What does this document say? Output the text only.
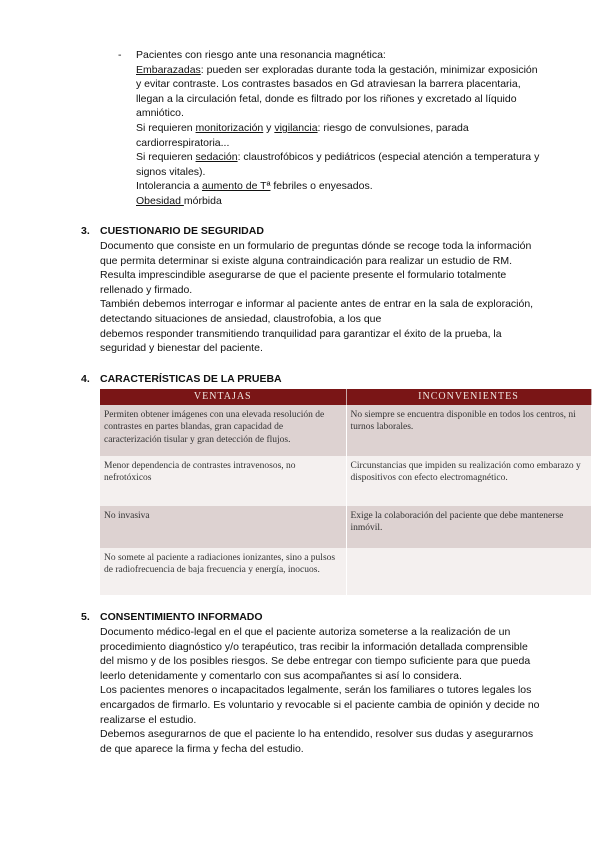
- Pacientes con riesgo ante una resonancia magnética:
Embarazadas: pueden ser exploradas durante toda la gestación, minimizar exposición y evitar contraste. Los contrastes basados en Gd atraviesan la barrera placentaria, llegan a la circulación fetal, donde es filtrado por los riñones y excretado al líquido amniótico.
Si requieren monitorización y vigilancia: riesgo de convulsiones, parada cardiorrespiratoria...
Si requieren sedación: claustrofóbicos y pediátricos (especial atención a temperatura y signos vitales).
Intolerancia a aumento de Tª febriles o enyesados.
Obesidad mórbida
3. CUESTIONARIO DE SEGURIDAD
Documento que consiste en un formulario de preguntas dónde se recoge toda la información que permita determinar si existe alguna contraindicación para realizar un estudio de RM. Resulta imprescindible asegurarse de que el paciente presente el formulario totalmente rellenado y firmado.
También debemos interrogar e informar al paciente antes de entrar en la sala de exploración, detectando situaciones de ansiedad, claustrofobia, a los que
debemos responder transmitiendo tranquilidad para garantizar el éxito de la prueba, la seguridad y bienestar del paciente.
4. CARACTERÍSTICAS DE LA PRUEBA
VENTAJAS	INCONVENIENTES
Permiten obtener imágenes con una elevada resolución de contrastes en partes blandas, gran capacidad de caracterización tisular y gran detección de flujos.	No siempre se encuentra disponible en todos los centros, ni turnos laborales.
Menor dependencia de contrastes intravenosos, no nefrotóxicos	Circunstancias que impiden su realización como embarazo y dispositivos con efecto electromagnético.
No invasiva	Exige la colaboración del paciente que debe mantenerse inmóvil.
No somete al paciente a radiaciones ionizantes, sino a pulsos de radiofrecuencia de baja frecuencia y energía, inocuos.	
5. CONSENTIMIENTO INFORMADO
Documento médico-legal en el que el paciente autoriza someterse a la realización de un procedimiento diagnóstico y/o terapéutico, tras recibir la información detallada comprensible del mismo y de los posibles riesgos. Se debe entregar con tiempo suficiente para que pueda leerlo detenidamente y comentarlo con sus acompañantes si así lo considera.
Los pacientes menores o incapacitados legalmente, serán los familiares o tutores legales los encargados de firmarlo. Es voluntario y revocable si el paciente cambia de opinión y decide no realizarse el estudio.
Debemos asegurarnos de que el paciente lo ha entendido, resolver sus dudas y asegurarnos de que aparece la firma y fecha del estudio.
